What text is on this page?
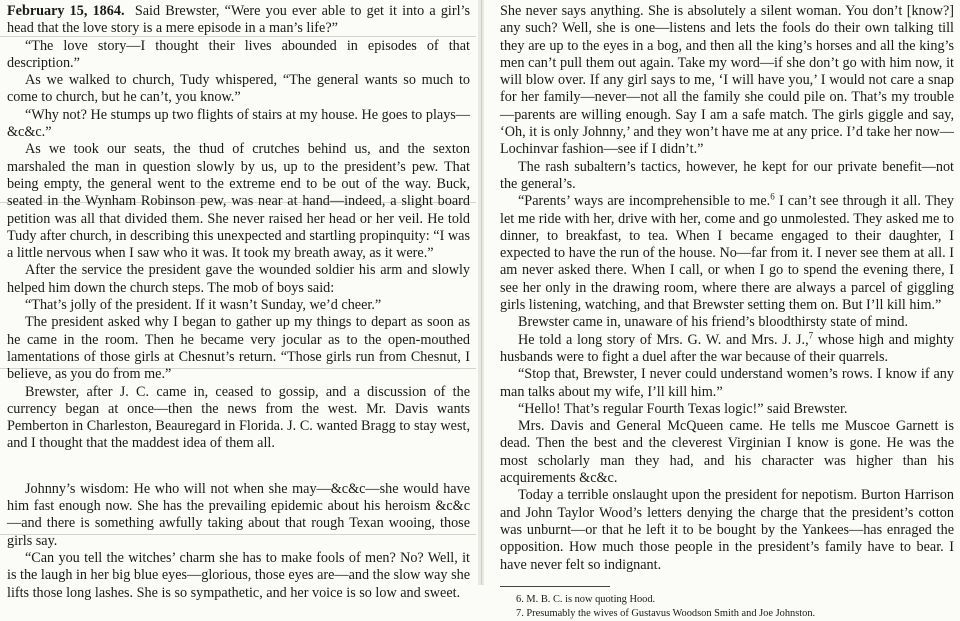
February 15, 1864. Said Brewster, “Were you ever able to get it into a girl’s head that the love story is a mere episode in a man’s life?”

“The love story—I thought their lives abounded in episodes of that description.”

As we walked to church, Tudy whispered, “The general wants so much to come to church, but he can’t, you know.”

“Why not? He stumps up two flights of stairs at my house. He goes to plays—&c&c.”

As we took our seats, the thud of crutches behind us, and the sexton marshaled the man in question slowly by us, up to the president’s pew. That being empty, the general went to the extreme end to be out of the way. Buck, seated in the Wynham Robinson pew, was near at hand—indeed, a slight board petition was all that divided them. She never raised her head or her veil. He told Tudy after church, in describing this unexpected and startling propinquity: “I was a little nervous when I saw who it was. It took my breath away, as it were.”

After the service the president gave the wounded soldier his arm and slowly helped him down the church steps. The mob of boys said:

“That’s jolly of the president. If it wasn’t Sunday, we’d cheer.”

The president asked why I began to gather up my things to depart as soon as he came in the room. Then he became very jocular as to the open-mouthed lamentations of those girls at Chesnut’s return. “Those girls run from Chesnut, I believe, as you do from me.”

Brewster, after J. C. came in, ceased to gossip, and a discussion of the currency began at once—then the news from the west. Mr. Davis wants Pemberton in Charleston, Beauregard in Florida. J. C. wanted Bragg to stay west, and I thought that the maddest idea of them all.

Johnny’s wisdom: He who will not when she may—&c&c—she would have him fast enough now. She has the prevailing epidemic about his heroism &c&c—and there is something awfully taking about that rough Texan wooing, those girls say.

“Can you tell the witches’ charm she has to make fools of men? No? Well, it is the laugh in her big blue eyes—glorious, those eyes are—and the slow way she lifts those long lashes. She is so sympathetic, and her voice is so low and sweet.

She never says anything. She is absolutely a silent woman. You don’t [know?] any such? Well, she is one—listens and lets the fools do their own talking till they are up to the eyes in a bog, and then all the king’s horses and all the king’s men can’t pull them out again. Take my word—if she don’t go with him now, it will blow over. If any girl says to me, ‘I will have you,’ I would not care a snap for her family—never—not all the family she could pile on. That’s my trouble—parents are willing enough. Say I am a safe match. The girls giggle and say, ‘Oh, it is only Johnny,’ and they won’t have me at any price. I’d take her now—Lochinvar fashion—see if I didn’t.”

The rash subaltern’s tactics, however, he kept for our private benefit—not the general’s.

“Parents’ ways are incomprehensible to me.$^6$ I can’t see through it all. They let me ride with her, drive with her, come and go unmolested. They asked me to dinner, to breakfast, to tea. When I became engaged to their daughter, I expected to have the run of the house. No—far from it. I never see them at all. I am never asked there. When I call, or when I go to spend the evening there, I see her only in the drawing room, where there are always a parcel of giggling girls listening, watching, and that Brewster setting them on. But I’ll kill him.”

Brewster came in, unaware of his friend’s bloodthirsty state of mind.

He told a long story of Mrs. G. W. and Mrs. J. J.,$^7$ whose high and mighty husbands were to fight a duel after the war because of their quarrels.

“Stop that, Brewster, I never could understand women’s rows. I know if any man talks about my wife, I’ll kill him.”

“Hello! That’s regular Fourth Texas logic!” said Brewster.

Mrs. Davis and General McQueen came. He tells me Muscoe Garnett is dead. Then the best and the cleverest Virginian I know is gone. He was the most scholarly man they had, and his character was higher than his acquirements &c&c.

Today a terrible onslaught upon the president for nepotism. Burton Harrison and John Taylor Wood’s letters denying the charge that the president’s cotton was unburnt—or that he left it to be bought by the Yankees—has enraged the opposition. How much those people in the president’s family have to bear. I have never felt so indignant.

6. M. B. C. is now quoting Hood.

7. Presumably the wives of Gustavus Woodson Smith and Joe Johnston.
